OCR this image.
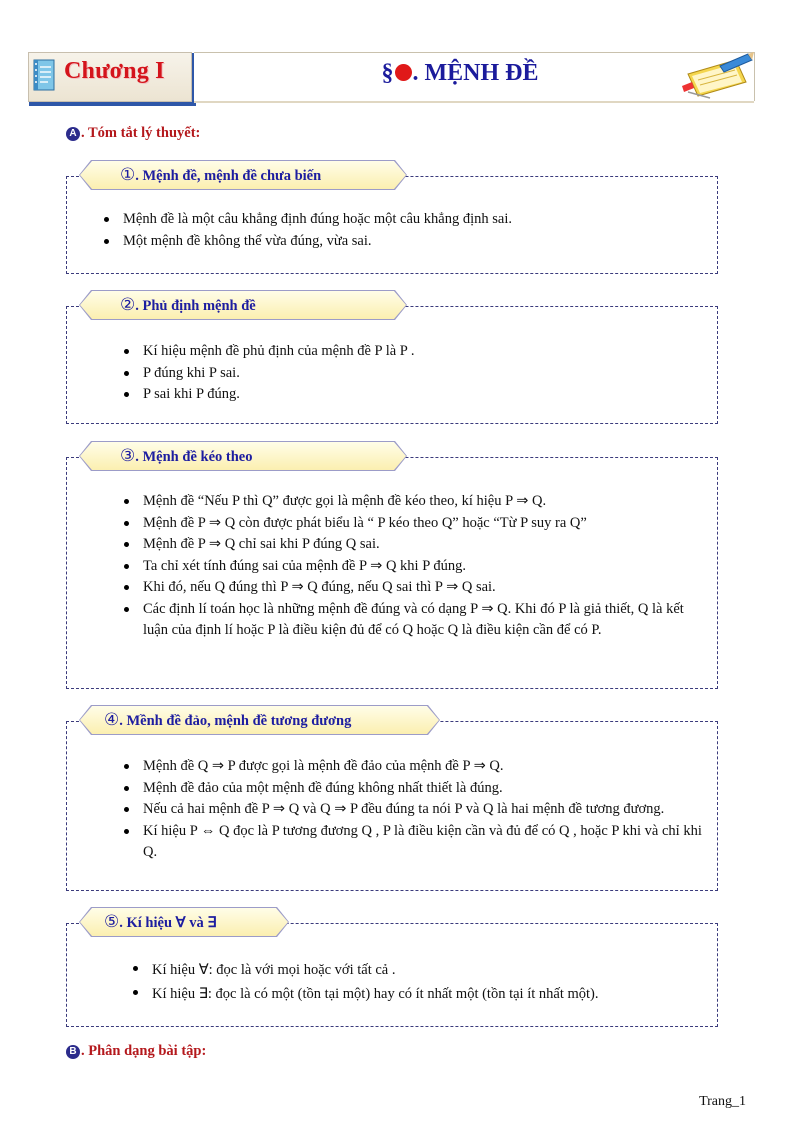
Chương I	§ . MỆNH ĐỀ
A . Tóm tắt lý thuyết:
①. Mệnh đề, mệnh đề chưa biến
Mệnh đề là một câu khẳng định đúng hoặc một câu khẳng định sai.
Một mệnh đề không thể vừa đúng, vừa sai.
②. Phủ định mệnh đề
Kí hiệu mệnh đề phủ định của mệnh đề P là P .
P đúng khi P sai.
P sai khi P đúng.
③. Mệnh đề kéo theo
Mệnh đề “Nếu P thì Q” được gọi là mệnh đề kéo theo, kí hiệu P ⇒ Q.
Mệnh đề P ⇒ Q còn được phát biểu là “ P kéo theo Q” hoặc “Từ P suy ra Q”
Mệnh đề P ⇒ Q chỉ sai khi P đúng Q sai.
Ta chỉ xét tính đúng sai của mệnh đề P ⇒ Q khi P đúng.
Khi đó, nếu Q đúng thì P ⇒ Q đúng, nếu Q sai thì P ⇒ Q sai.
Các định lí toán học là những mệnh đề đúng và có dạng P ⇒ Q. Khi đó P là giả thiết, Q là kết luận của định lí hoặc P là điều kiện đủ để có Q hoặc Q là điều kiện cần để có P.
④. Mềnh đề đảo, mệnh đề tương đương
Mệnh đề Q ⇒ P được gọi là mệnh đề đảo của mệnh đề P ⇒ Q.
Mệnh đề đảo của một mệnh đề đúng không nhất thiết là đúng.
Nếu cả hai mệnh đề P ⇒ Q và Q ⇒ P đều đúng ta nói P và Q là hai mệnh đề tương đương.
Kí hiệu P ⇔ Q đọc là P tương đương Q , P là điều kiện cần và đủ để có Q , hoặc P khi và chỉ khi Q.
⑤. Kí hiệu ∀ và ∃
Kí hiệu ∀: đọc là với mọi hoặc với tất cả .
Kí hiệu ∃: đọc là có một (tồn tại một) hay có ít nhất một (tồn tại ít nhất một).
B . Phân dạng bài tập:
Trang_1
